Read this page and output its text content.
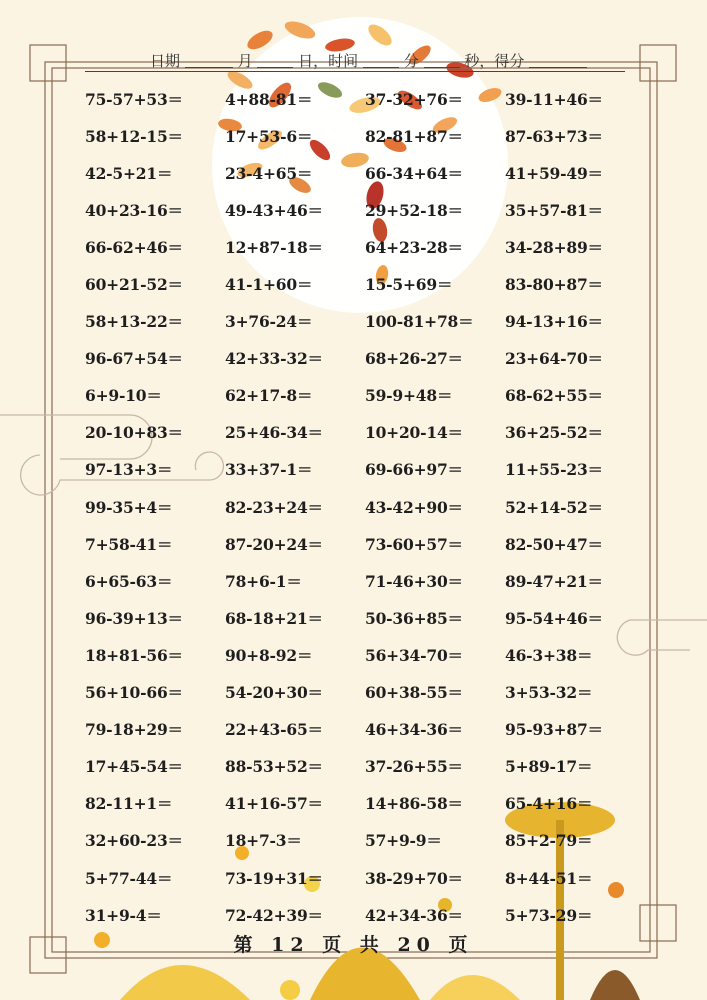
日期	月	日，时间	分	秒，得分
75-57+53＝	4+88-81＝	37-32+76＝	39-11+46＝
58+12-15＝	17+53-6＝	82-81+87＝	87-63+73＝
42-5+21＝	23-4+65＝	66-34+64＝	41+59-49＝
40+23-16＝	49-43+46＝	29+52-18＝	35+57-81＝
66-62+46＝	12+87-18＝	64+23-28＝	34-28+89＝
60+21-52＝	41-1+60＝	15-5+69＝	83-80+87＝
58+13-22＝	3+76-24＝	100-81+78＝	94-13+16＝
96-67+54＝	42+33-32＝	68+26-27＝	23+64-70＝
6+9-10＝	62+17-8＝	59-9+48＝	68-62+55＝
20-10+83＝	25+46-34＝	10+20-14＝	36+25-52＝
97-13+3＝	33+37-1＝	69-66+97＝	11+55-23＝
99-35+4＝	82-23+24＝	43-42+90＝	52+14-52＝
7+58-41＝	87-20+24＝	73-60+57＝	82-50+47＝
6+65-63＝	78+6-1＝	71-46+30＝	89-47+21＝
96-39+13＝	68-18+21＝	50-36+85＝	95-54+46＝
18+81-56＝	90+8-92＝	56+34-70＝	46-3+38＝
56+10-66＝	54-20+30＝	60+38-55＝	3+53-32＝
79-18+29＝	22+43-65＝	46+34-36＝	95-93+87＝
17+45-54＝	88-53+52＝	37-26+55＝	5+89-17＝
82-11+1＝	41+16-57＝	14+86-58＝	65-4+16＝
32+60-23＝	18+7-3＝	57+9-9＝	85+2-79＝
5+77-44＝	73-19+31＝	38-29+70＝	8+44-51＝
31+9-4＝	72-42+39＝	42+34-36＝	5+73-29＝
第 12 页 共 20 页
